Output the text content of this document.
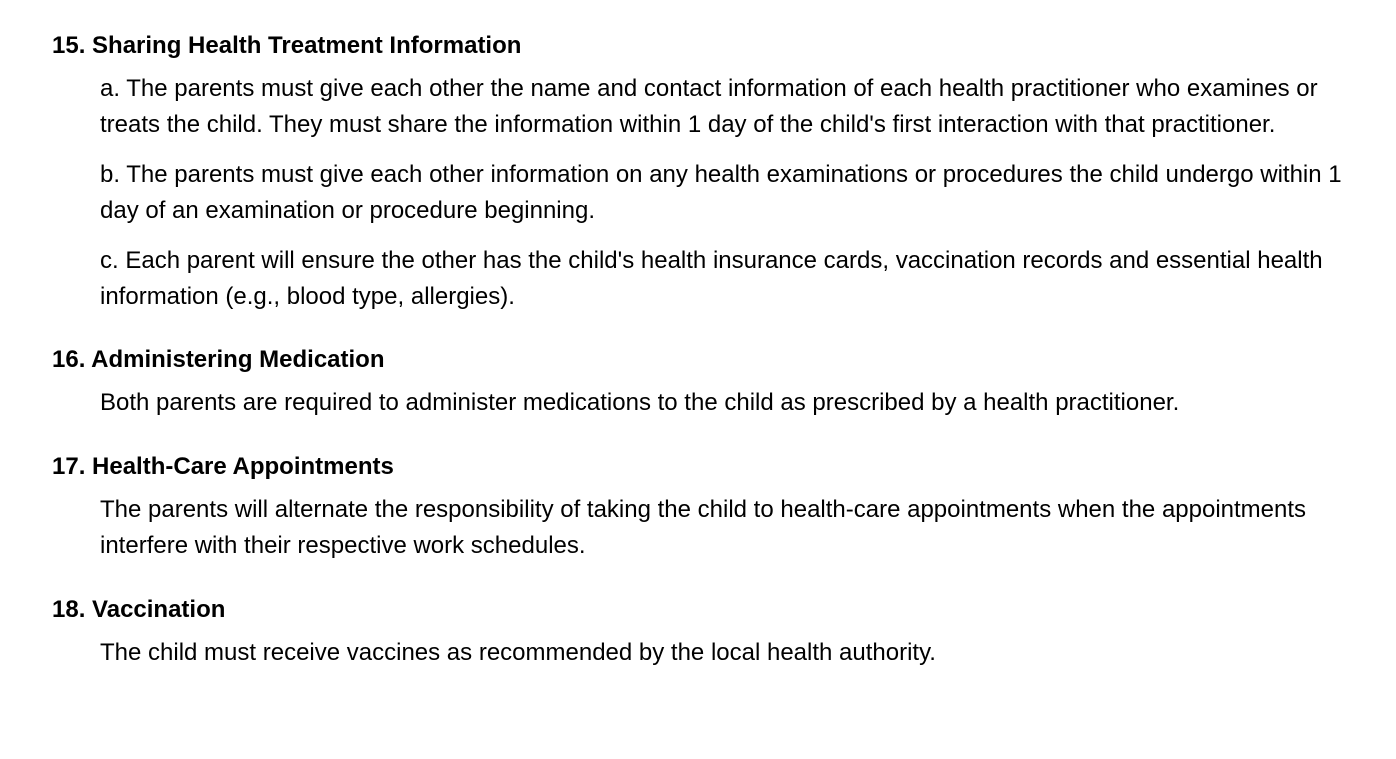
15. Sharing Health Treatment Information

a. The parents must give each other the name and contact information of each health practitioner who examines or treats the child. They must share the information within 1 day of the child's first interaction with that practitioner.

b. The parents must give each other information on any health examinations or procedures the child undergo within 1 day of an examination or procedure beginning.

c. Each parent will ensure the other has the child's health insurance cards, vaccination records and essential health information (e.g., blood type, allergies).

16. Administering Medication

Both parents are required to administer medications to the child as prescribed by a health practitioner.

17. Health-Care Appointments

The parents will alternate the responsibility of taking the child to health-care appointments when the appointments interfere with their respective work schedules.

18. Vaccination

The child must receive vaccines as recommended by the local health authority.
